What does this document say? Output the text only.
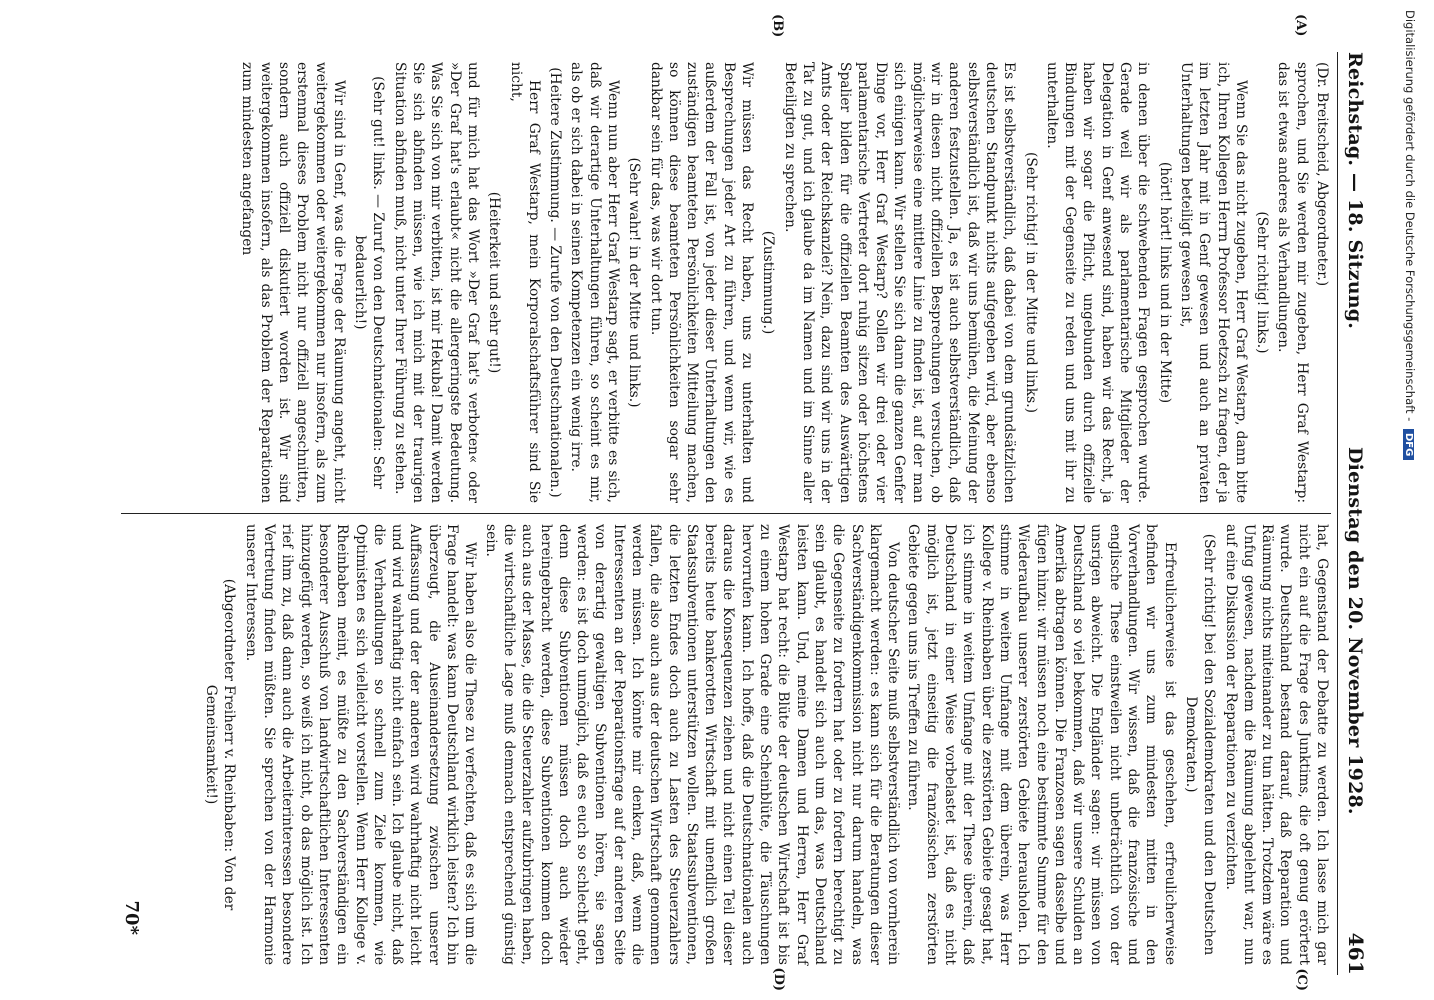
Reichstag. — 18. Sitzung.
Dienstag den 20. November 1928.
461
(A)
(B)

(Dr. Breitscheid, Abgeordneter.)

sprochen, und Sie werden mir zugeben, Herr Graf Westarp: das ist etwas anderes als Verhandlungen.

(Sehr richtig! links.)

Wenn Sie das nicht zugeben, Herr Graf Westarp, dann bitte ich, Ihren Kollegen Herrn Professor Hoetzsch zu fragen, der ja im letzten Jahr mit in Genf gewesen und auch an privaten Unterhaltungen beteiligt gewesen ist,

(hört! hört! links und in der Mitte)

in denen über die schwebenden Fragen gesprochen wurde. Gerade weil wir als parlamentarische Mitglieder der Delegation in Genf anwesend sind, haben wir das Recht, ja haben wir sogar die Pflicht, ungebunden durch offizielle Bindungen mit der Gegenseite zu reden und uns mit ihr zu unterhalten.

(Sehr richtig! in der Mitte und links.)

Es ist selbstverständlich, daß dabei von dem grundsätzlichen deutschen Standpunkt nichts aufgegeben wird, aber ebenso selbstverständlich ist, daß wir uns bemühen, die Meinung der anderen festzustellen. Ja, es ist auch selbstverständlich, daß wir in diesen nicht offiziellen Besprechungen versuchen, ob möglicherweise eine mittlere Linie zu finden ist, auf der man sich einigen kann. Wir stellen Sie sich dann die ganzen Genfer Dinge vor, Herr Graf Westarp? Sollen wir drei oder vier parlamentarische Vertreter dort ruhig sitzen oder höchstens Spalier bilden für die offiziellen Beamten des Auswärtigen Amts oder der Reichskanzlei? Nein, dazu sind wir uns in der Tat zu gut, und ich glaube da im Namen und im Sinne aller Beteiligten zu sprechen.

(Zustimmung.)

Wir müssen das Recht haben, uns zu unterhalten und Besprechungen jeder Art zu führen, und wenn wir, wie es außerdem der Fall ist, von jeder dieser Unterhaltungen den zuständigen beamteten Persönlichkeiten Mitteilung machen, so können diese beamteten Persönlichkeiten sogar sehr dankbar sein für das, was wir dort tun.

(Sehr wahr! in der Mitte und links.)

Wenn nun aber Herr Graf Westarp sagt, er verbitte es sich, daß wir derartige Unterhaltungen führen, so scheint es mir, als ob er sich dabei in seinen Kompetenzen ein wenig irre.

(Heitere Zustimmung. — Zurufe von den Deutschnationalen.)

Herr Graf Westarp, mein Korporalschaftsführer sind Sie nicht,

(Heiterkeit und sehr gut!)

und für mich hat das Wort »Der Graf hat's verboten« oder »Der Graf hat's erlaubt« nicht die allergeringste Bedeutung. Was Sie sich von mir verbitten, ist mir Hekuba! Damit werden Sie sich abfinden müssen, wie ich mich mit der traurigen Situation abfinden muß, nicht unter Ihrer Führung zu stehen.

(Sehr gut! links. — Zuruf von den Deutschnationalen: Sehr bedauerlich!)

Wir sind in Genf, was die Frage der Räumung angeht, nicht weitergekommen oder weitergekommen nur insofern, als zum erstenmal dieses Problem nicht nur offiziell angeschnitten, sondern auch offiziell diskutiert worden ist. Wir sind weitergekommen insofern, als das Problem der Reparationen zum mindesten angefangen

hat, Gegenstand der Debatte zu werden. Ich lasse mich gar nicht ein auf die Frage des Junktims, die oft genug erörtert wurde. Deutschland bestand darauf, daß Reparation und Räumung nichts miteinander zu tun hätten. Trotzdem wäre es Unfug gewesen, nachdem die Räumung abgelehnt war, nun auf eine Diskussion der Reparationen zu verzichten.

(Sehr richtig! bei den Sozialdemokraten und den Deutschen Demokraten.)

Erfreulicherweise ist das geschehen, erfreulicherweise befinden wir uns zum mindesten mitten in den Vorverhandlungen. Wir wissen, daß die französische und englische These einstweilen nicht unbeträchtlich von der unsrigen abweicht. Die Engländer sagen: wir müssen von Deutschland so viel bekommen, daß wir unsere Schulden an Amerika abtragen können. Die Franzosen sagen dasselbe und fügen hinzu: wir müssen noch eine bestimmte Summe für den Wiederaufbau unserer zerstörten Gebiete herausholen. Ich stimme in weitem Umfange mit dem überein, was Herr Kollege v. Rheinbaben über die zerstörten Gebiete gesagt hat, ich stimme in weitem Umfange mit der These überein, daß Deutschland in einer Weise vorbelastet ist, daß es nicht möglich ist, jetzt einseitig die französischen zerstörten Gebiete gegen uns ins Treffen zu führen.

Von deutscher Seite muß selbstverständlich von vornherein klargemacht werden: es kann sich für die Beratungen dieser Sachverständigenkommission nicht nur darum handeln, was die Gegenseite zu fordern hat oder zu fordern berechtigt zu sein glaubt, es handelt sich auch um das, was Deutschland leisten kann. Und, meine Damen und Herren, Herr Graf Westarp hat recht: die Blüte der deutschen Wirtschaft ist bis zu einem hohen Grade eine Scheinblüte, die Täuschungen hervorrufen kann. Ich hoffe, daß die Deutschnationalen auch daraus die Konsequenzen ziehen und nicht einen Teil dieser bereits heute bankerotten Wirtschaft mit unendlich großen Staatssubventionen unterstützen wollen. Staatssubventionen, die letzten Endes doch auch zu Lasten des Steuerzahlers fallen, die also auch aus der deutschen Wirtschaft genommen werden müssen. Ich könnte mir denken, daß, wenn die Interessenten an der Reparationsfrage auf der anderen Seite von derartig gewaltigen Subventionen hören, sie sagen werden: es ist doch unmöglich, daß es euch so schlecht geht, denn diese Subventionen müssen doch auch wieder hereingebracht werden, diese Subventionen kommen doch auch aus der Masse, die die Steuerzahler aufzubringen haben, die wirtschaftliche Lage muß demnach entsprechend günstig sein.

Wir haben also die These zu verfechten, daß es sich um die Frage handelt: was kann Deutschland wirklich leisten? Ich bin überzeugt, die Auseinandersetzung zwischen unserer Auffassung und der der anderen wird wahrhaftig nicht leicht und wird wahrhaftig nicht einfach sein. Ich glaube nicht, daß die Verhandlungen so schnell zum Ziele kommen, wie Optimisten es sich vielleicht vorstellen. Wenn Herr Kollege v. Rheinbaben meint, es müßte zu den Sachverständigen ein besonderer Ausschuß von landwirtschaftlichen Interessenten hinzugefügt werden, so weiß ich nicht, ob das möglich ist. Ich rief ihm zu, daß dann auch die Arbeiterinteressen besondere Vertretung finden müßten. Sie sprechen von der Harmonie unserer Interessen.

(Abgeordneter Freiherr v. Rheinbaben: Von der Gemeinsamkeit!)

(C)
(D)
70*
Digitalisierung gefördert durch die Deutsche Forschungsgemeinschaft - DFG
